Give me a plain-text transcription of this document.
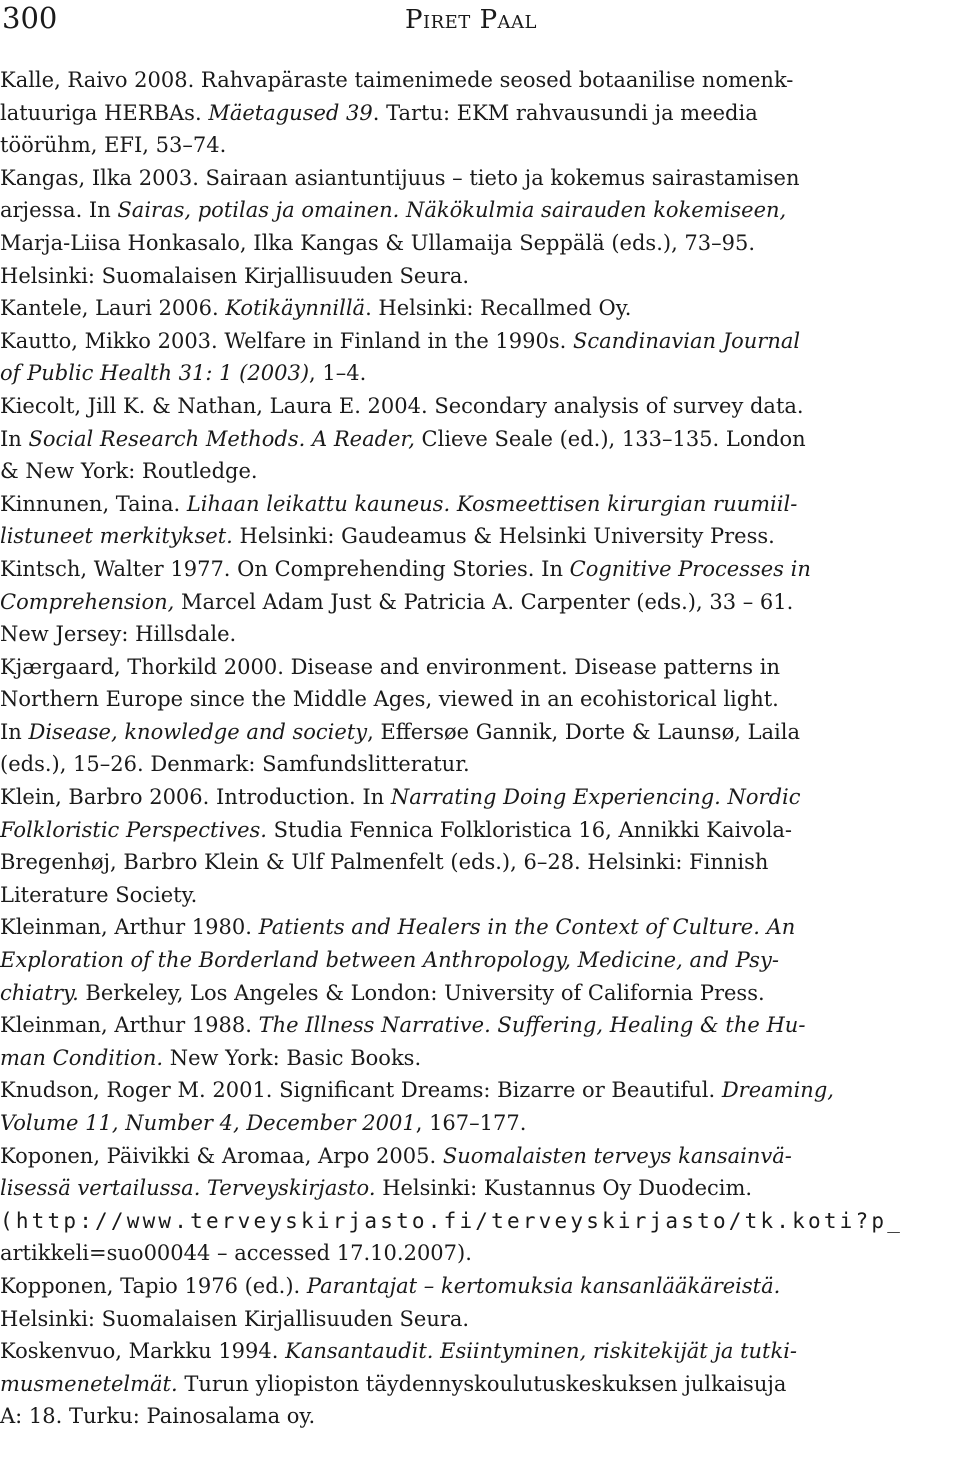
300	Piret Paal
Kalle, Raivo 2008. Rahvapäraste taimenimede seosed botaanilise nomenk-
latuuriga HERBAs. Mäetagused 39. Tartu: EKM rahvausundi ja meedia
töörühm, EFI, 53–74.
Kangas, Ilka 2003. Sairaan asiantuntijuus – tieto ja kokemus sairastamisen
arjessa. In Sairas, potilas ja omainen. Näkökulmia sairauden kokemiseen,
Marja-Liisa Honkasalo, Ilka Kangas & Ullamaija Seppälä (eds.), 73–95.
Helsinki: Suomalaisen Kirjallisuuden Seura.
Kantele, Lauri 2006. Kotikäynnillä. Helsinki: Recallmed Oy.
Kautto, Mikko 2003. Welfare in Finland in the 1990s. Scandinavian Journal
of Public Health 31: 1 (2003), 1–4.
Kiecolt, Jill K. & Nathan, Laura E. 2004. Secondary analysis of survey data.
In Social Research Methods. A Reader, Clieve Seale (ed.), 133–135. London
& New York: Routledge.
Kinnunen, Taina. Lihaan leikattu kauneus. Kosmeettisen kirurgian ruumiil-
listuneet merkitykset. Helsinki: Gaudeamus & Helsinki University Press.
Kintsch, Walter 1977. On Comprehending Stories. In Cognitive Processes in
Comprehension, Marcel Adam Just & Patricia A. Carpenter (eds.), 33 – 61.
New Jersey: Hillsdale.
Kjærgaard, Thorkild 2000. Disease and environment. Disease patterns in
Northern Europe since the Middle Ages, viewed in an ecohistorical light.
In Disease, knowledge and society, Effersøe Gannik, Dorte & Launsø, Laila
(eds.), 15–26. Denmark: Samfundslitteratur.
Klein, Barbro 2006. Introduction. In Narrating Doing Experiencing. Nordic
Folkloristic Perspectives. Studia Fennica Folkloristica 16, Annikki Kaivola-
Bregenhøj, Barbro Klein & Ulf Palmenfelt (eds.), 6–28. Helsinki: Finnish
Literature Society.
Kleinman, Arthur 1980. Patients and Healers in the Context of Culture. An
Exploration of the Borderland between Anthropology, Medicine, and Psy-
chiatry. Berkeley, Los Angeles & London: University of California Press.
Kleinman, Arthur 1988. The Illness Narrative. Suffering, Healing & the Hu-
man Condition. New York: Basic Books.
Knudson, Roger M. 2001. Significant Dreams: Bizarre or Beautiful. Dreaming,
Volume 11, Number 4, December 2001, 167–177.
Koponen, Päivikki & Aromaa, Arpo 2005. Suomalaisten terveys kansainvä-
lisessä vertailussa. Terveyskirjasto. Helsinki: Kustannus Oy Duodecim.
(http://www.terveyskirjasto.fi/terveyskirjasto/tk.koti?p_
artikkeli=suo00044 – accessed 17.10.2007).
Kopponen, Tapio 1976 (ed.). Parantajat – kertomuksia kansanlääkäreistä.
Helsinki: Suomalaisen Kirjallisuuden Seura.
Koskenvuo, Markku 1994. Kansantaudit. Esiintyminen, riskitekijät ja tutki-
musmenetelmät. Turun yliopiston täydennyskoulutuskeskuksen julkaisuja
A: 18. Turku: Painosalama oy.
